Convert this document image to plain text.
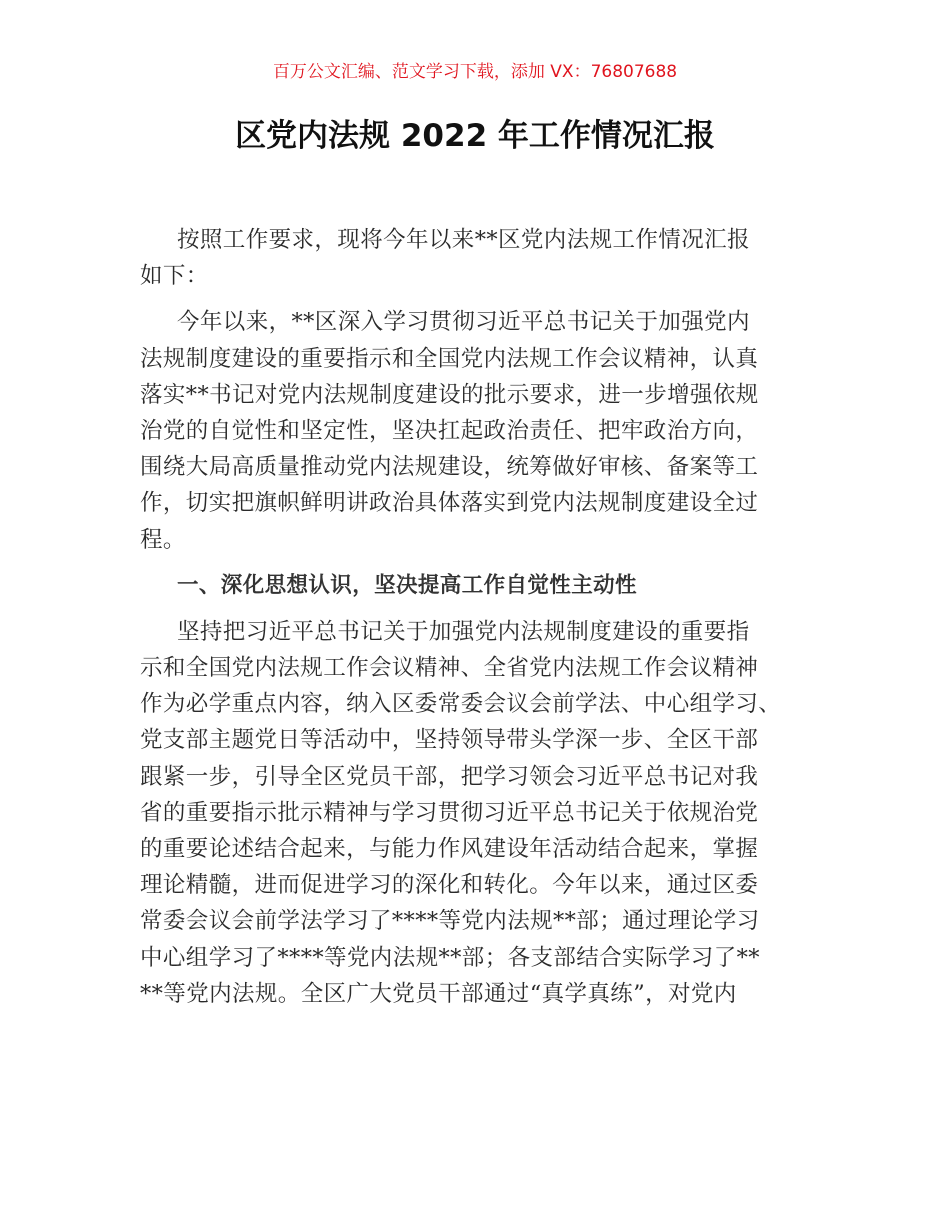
百万公文汇编、范文学习下载，添加 VX：76807688
区党内法规 2022 年工作情况汇报
按照工作要求，现将今年以来**区党内法规工作情况汇报
如下：
今年以来，**区深入学习贯彻习近平总书记关于加强党内
法规制度建设的重要指示和全国党内法规工作会议精神，认真
落实**书记对党内法规制度建设的批示要求，进一步增强依规
治党的自觉性和坚定性，坚决扛起政治责任、把牢政治方向，
围绕大局高质量推动党内法规建设，统筹做好审核、备案等工
作，切实把旗帜鲜明讲政治具体落实到党内法规制度建设全过
程。
一、深化思想认识，坚决提高工作自觉性主动性
坚持把习近平总书记关于加强党内法规制度建设的重要指
示和全国党内法规工作会议精神、全省党内法规工作会议精神
作为必学重点内容，纳入区委常委会议会前学法、中心组学习、
党支部主题党日等活动中，坚持领导带头学深一步、全区干部
跟紧一步，引导全区党员干部，把学习领会习近平总书记对我
省的重要指示批示精神与学习贯彻习近平总书记关于依规治党
的重要论述结合起来，与能力作风建设年活动结合起来，掌握
理论精髓，进而促进学习的深化和转化。今年以来，通过区委
常委会议会前学法学习了****等党内法规**部；通过理论学习
中心组学习了****等党内法规**部；各支部结合实际学习了**
**等党内法规。全区广大党员干部通过“真学真练”，对党内
